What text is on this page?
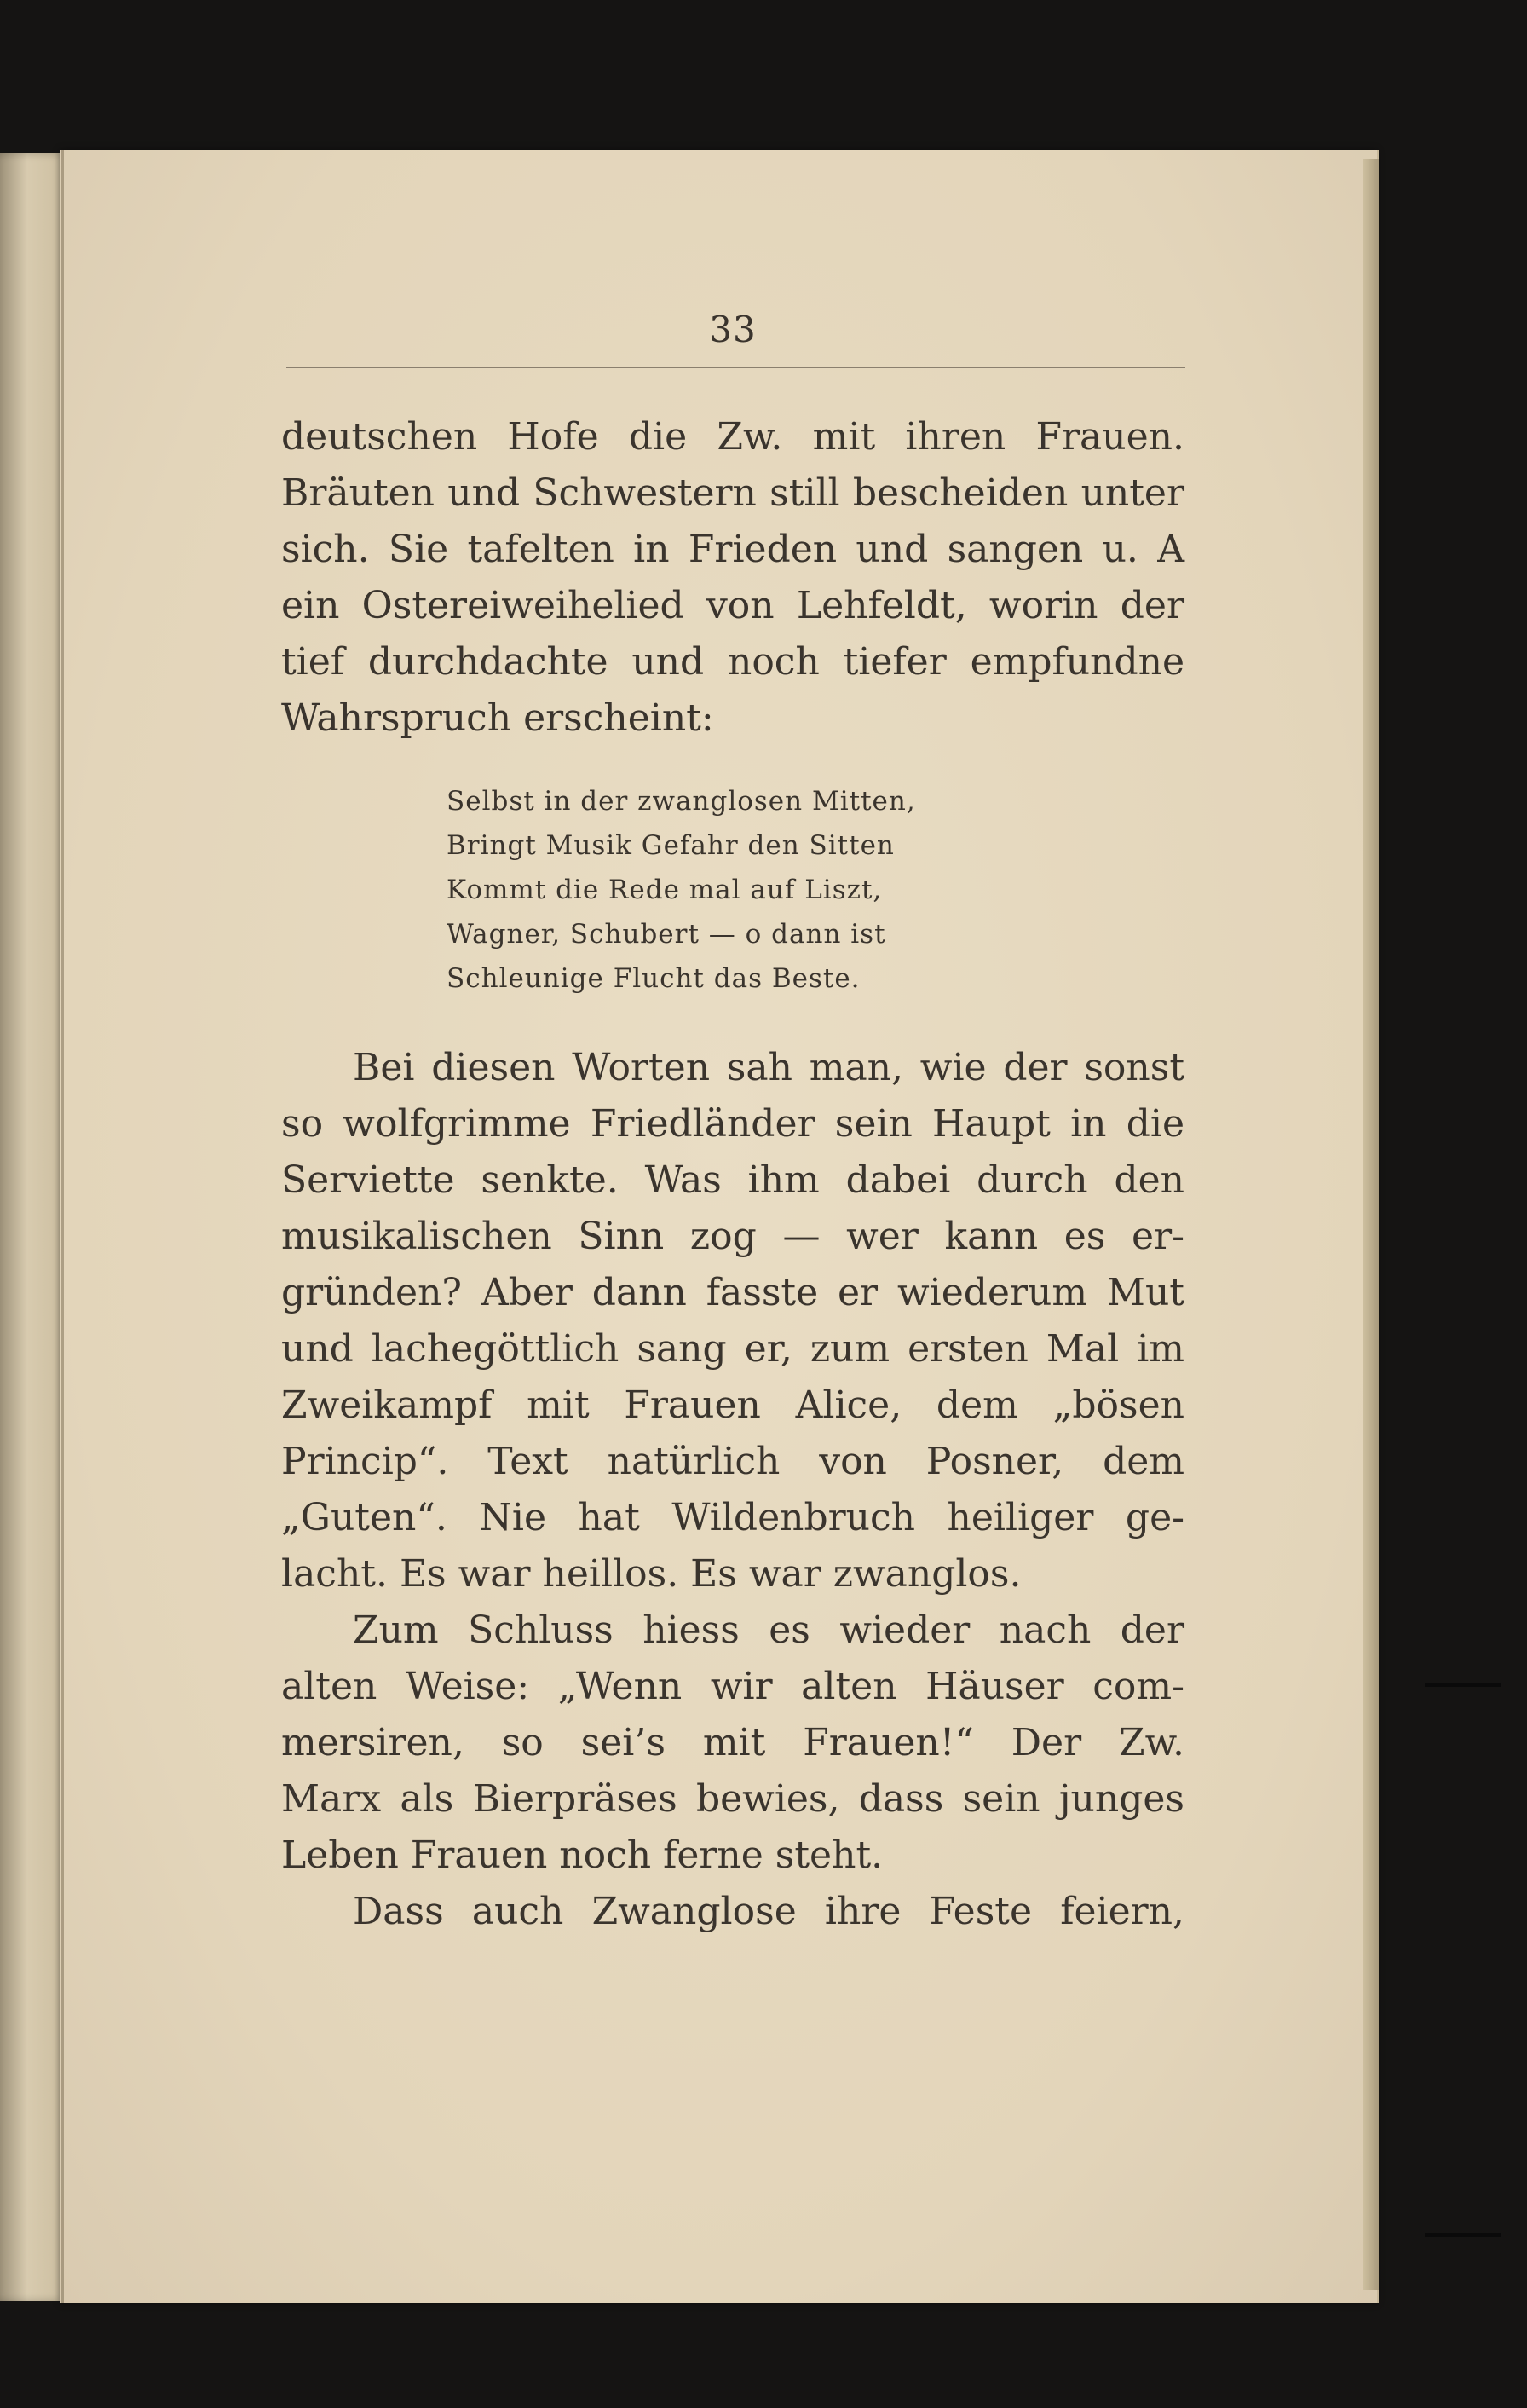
33
deutschen Hofe die Zw. mit ihren Frauen.
Bräuten und Schwestern still bescheiden unter
sich. Sie tafelten in Frieden und sangen u. A
ein Ostereiweihelied von Lehfeldt, worin der
tief durchdachte und noch tiefer empfundne
Wahrspruch erscheint:
Selbst in der zwanglosen Mitten,
Bringt Musik Gefahr den Sitten
Kommt die Rede mal auf Liszt,
Wagner, Schubert — o dann ist
Schleunige Flucht das Beste.
Bei diesen Worten sah man, wie der sonst
so wolfgrimme Friedländer sein Haupt in die
Serviette senkte. Was ihm dabei durch den
musikalischen Sinn zog — wer kann es er-
gründen? Aber dann fasste er wiederum Mut
und lachegöttlich sang er, zum ersten Mal im
Zweikampf mit Frauen Alice, dem „bösen
Princip“. Text natürlich von Posner, dem
„Guten“. Nie hat Wildenbruch heiliger ge-
lacht. Es war heillos. Es war zwanglos.
Zum Schluss hiess es wieder nach der
alten Weise: „Wenn wir alten Häuser com-
mersiren, so sei’s mit Frauen!“ Der Zw.
Marx als Bierpräses bewies, dass sein junges
Leben Frauen noch ferne steht.
Dass auch Zwanglose ihre Feste feiern,
